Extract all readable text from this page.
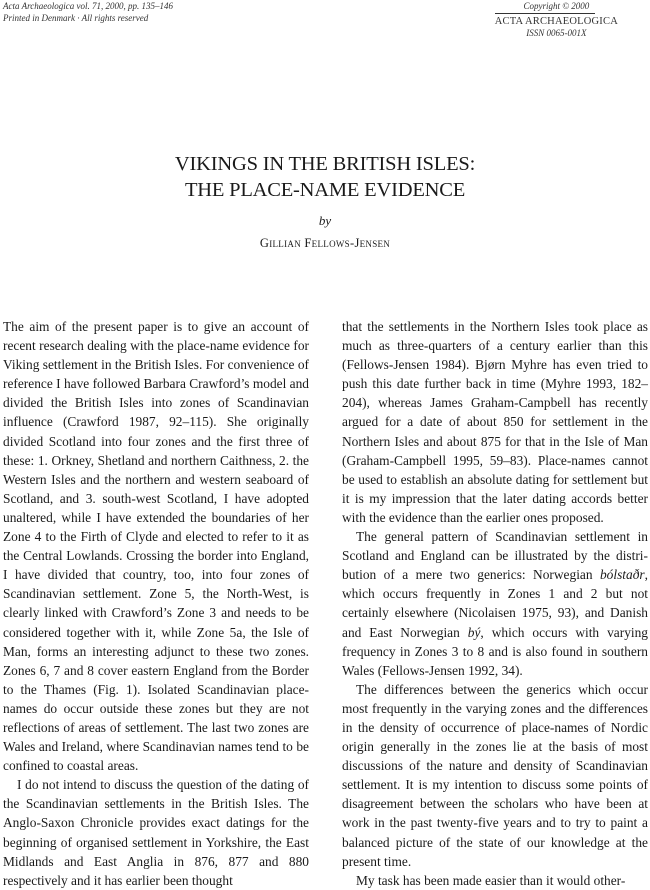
Acta Archaeologica vol. 71, 2000, pp. 135–146
Printed in Denmark · All rights reserved
Copyright © 2000
ACTA ARCHAEOLOGICA
ISSN 0065-001X
VIKINGS IN THE BRITISH ISLES:
THE PLACE-NAME EVIDENCE
by
Gillian Fellows-Jensen

The aim of the present paper is to give an account of recent research dealing with the place-name evidence for Viking settlement in the British Isles. For convenience of reference I have followed Barbara Crawford’s model and divided the British Isles into zones of Scandinavian influence (Crawford 1987, 92–115). She originally divided Scotland into four zones and the first three of these: 1. Orkney, Shetland and northern Caithness, 2. the Western Isles and the northern and western seaboard of Scotland, and 3. south-west Scotland, I have adopted unaltered, while I have extended the boundaries of her Zone 4 to the Firth of Clyde and elected to refer to it as the Central Lowlands. Crossing the border into England, I have divided that country, too, into four zones of Scandinavian settlement. Zone 5, the North-West, is clearly linked with Crawford’s Zone 3 and needs to be considered together with it, while Zone 5a, the Isle of Man, forms an interesting adjunct to these two zones. Zones 6, 7 and 8 cover eastern England from the Border to the Thames (Fig. 1). Isolated Scandinavian place-names do occur outside these zones but they are not reflections of areas of settlement. The last two zones are Wales and Ireland, where Scandinavian names tend to be confined to coastal areas.

I do not intend to discuss the question of the dating of the Scandinavian settlements in the British Isles. The Anglo-Saxon Chronicle provides exact datings for the beginning of organised settlement in Yorkshire, the East Midlands and East Anglia in 876, 877 and 880 respectively and it has earlier been thought

that the settlements in the Northern Isles took place as much as three-quarters of a century earlier than this (Fellows-Jensen 1984). Bjørn Myhre has even tried to push this date further back in time (Myhre 1993, 182–204), whereas James Graham-Campbell has recently argued for a date of about 850 for settlement in the Northern Isles and about 875 for that in the Isle of Man (Graham-Campbell 1995, 59–83). Place-names cannot be used to establish an absolute dating for settlement but it is my impression that the later dating accords better with the evidence than the earlier ones proposed.

The general pattern of Scandinavian settlement in Scotland and England can be illustrated by the distribution of a mere two generics: Norwegian bólstaðr, which occurs frequently in Zones 1 and 2 but not certainly elsewhere (Nicolaisen 1975, 93), and Danish and East Norwegian bý, which occurs with varying frequency in Zones 3 to 8 and is also found in southern Wales (Fellows-Jensen 1992, 34).

The differences between the generics which occur most frequently in the varying zones and the differences in the density of occurrence of place-names of Nordic origin generally in the zones lie at the basis of most discussions of the nature and density of Scandinavian settlement. It is my intention to discuss some points of disagreement between the scholars who have been at work in the past twenty-five years and to try to paint a balanced picture of the state of our knowledge at the present time.

My task has been made easier than it would other-
